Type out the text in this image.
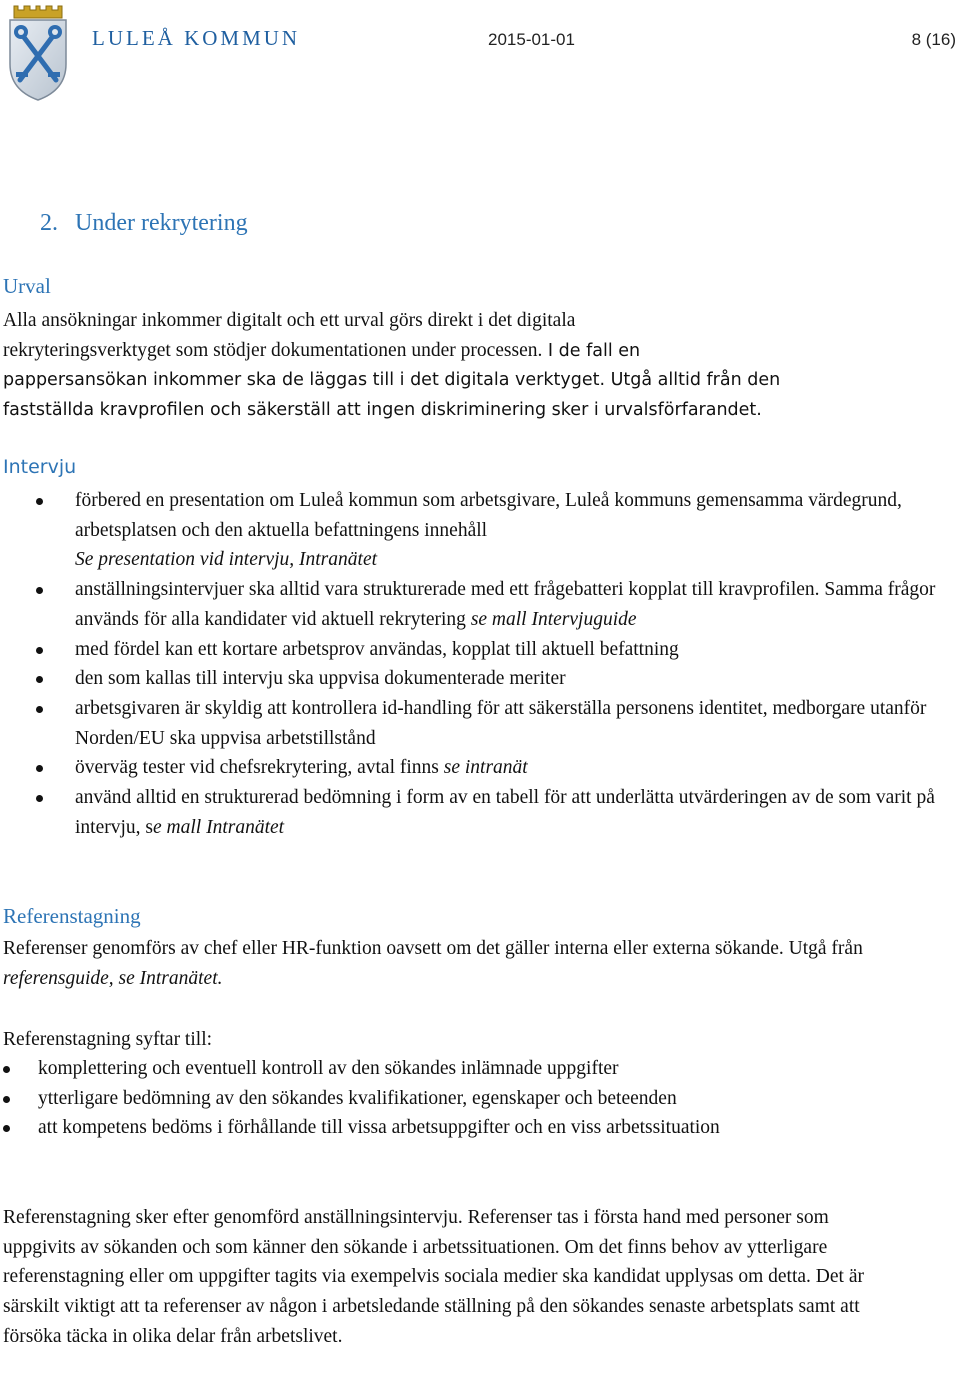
LULEÅ KOMMUN	2015-01-01	8 (16)
2. Under rekrytering
Urval
Alla ansökningar inkommer digitalt och ett urval görs direkt i det digitala
rekryteringsverktyget som stödjer dokumentationen under processen. I de fall en
pappersansökan inkommer ska de läggas till i det digitala verktyget. Utgå alltid från den
fastställda kravprofilen och säkerställ att ingen diskriminering sker i urvalsförfarandet.
Intervju
förbered en presentation om Luleå kommun som arbetsgivare, Luleå kommuns gemensamma värdegrund, arbetsplatsen och den aktuella befattningens innehåll
Se presentation vid intervju, Intranätet
anställningsintervjuer ska alltid vara strukturerade med ett frågebatteri kopplat till kravprofilen. Samma frågor används för alla kandidater vid aktuell rekrytering se mall Intervjuguide
med fördel kan ett kortare arbetsprov användas, kopplat till aktuell befattning
den som kallas till intervju ska uppvisa dokumenterade meriter
arbetsgivaren är skyldig att kontrollera id-handling för att säkerställa personens identitet, medborgare utanför Norden/EU ska uppvisa arbetstillstånd
överväg tester vid chefsrekrytering, avtal finns se intranät
använd alltid en strukturerad bedömning i form av en tabell för att underlätta utvärderingen av de som varit på intervju, se mall Intranätet
Referenstagning

Referenser genomförs av chef eller HR-funktion oavsett om det gäller interna eller externa sökande. Utgå från referensguide, se Intranätet.

Referenstagning syftar till:

komplettering och eventuell kontroll av den sökandes inlämnade uppgifter
ytterligare bedömning av den sökandes kvalifikationer, egenskaper och beteenden
att kompetens bedöms i förhållande till vissa arbetsuppgifter och en viss arbetssituation

Referenstagning sker efter genomförd anställningsintervju. Referenser tas i första hand med personer som uppgivits av sökanden och som känner den sökande i arbetssituationen. Om det finns behov av ytterligare referenstagning eller om uppgifter tagits via exempelvis sociala medier ska kandidat upplysas om detta. Det är särskilt viktigt att ta referenser av någon i arbetsledande ställning på den sökandes senaste arbetsplats samt att försöka täcka in olika delar från arbetslivet.
